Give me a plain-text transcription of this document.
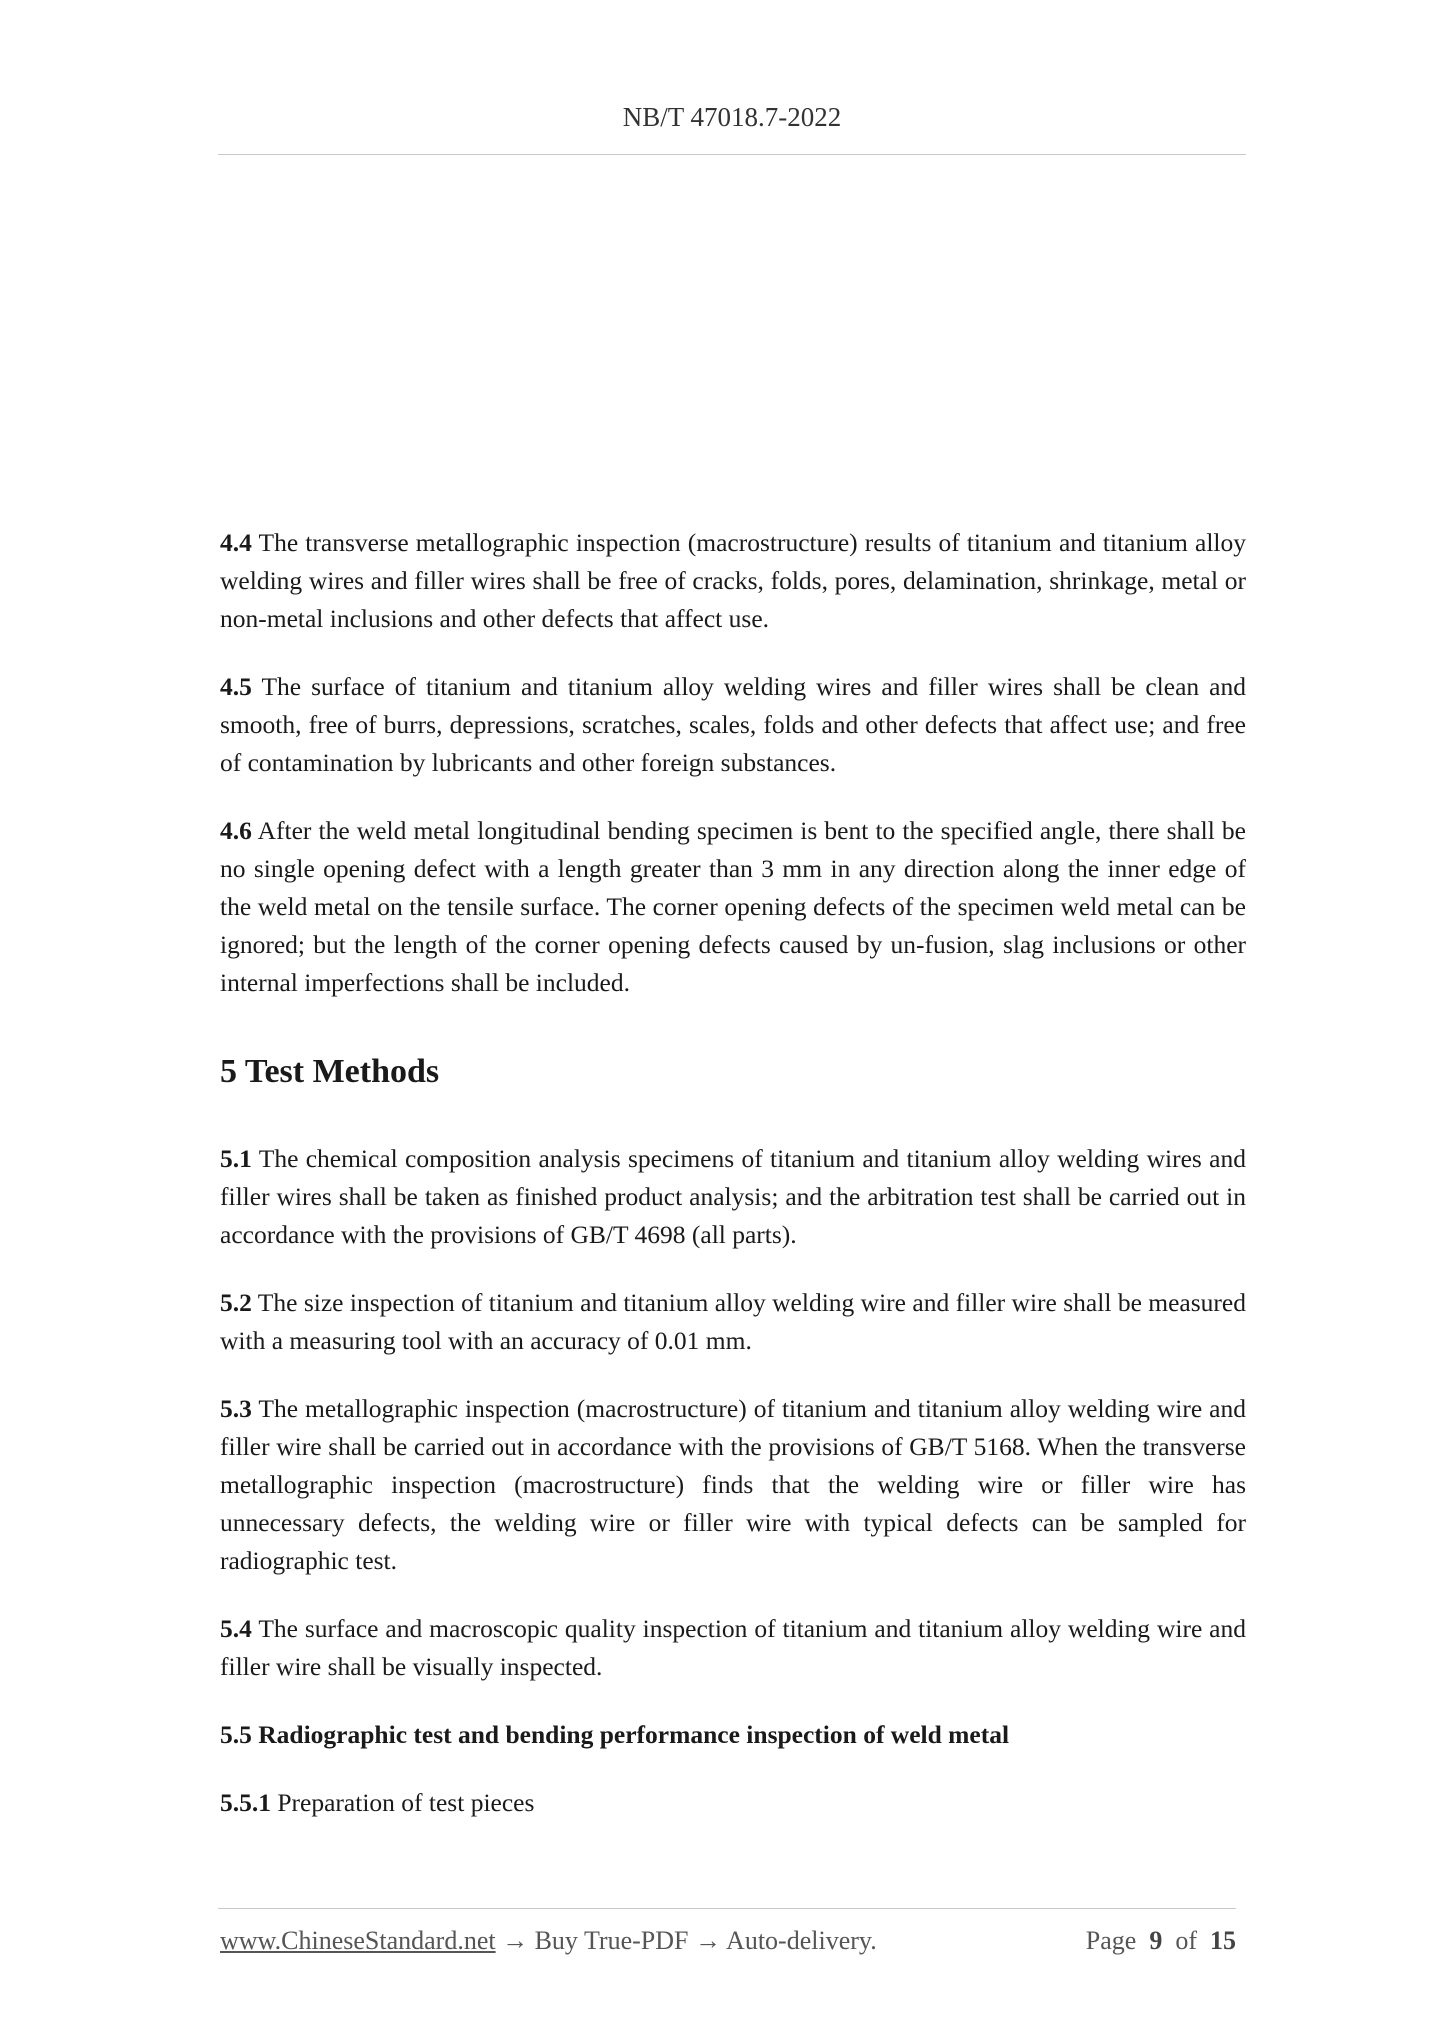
NB/T 47018.7-2022

4.4 The transverse metallographic inspection (macrostructure) results of titanium and titanium alloy welding wires and filler wires shall be free of cracks, folds, pores, delamination, shrinkage, metal or non-metal inclusions and other defects that affect use.

4.5 The surface of titanium and titanium alloy welding wires and filler wires shall be clean and smooth, free of burrs, depressions, scratches, scales, folds and other defects that affect use; and free of contamination by lubricants and other foreign substances.

4.6 After the weld metal longitudinal bending specimen is bent to the specified angle, there shall be no single opening defect with a length greater than 3 mm in any direction along the inner edge of the weld metal on the tensile surface. The corner opening defects of the specimen weld metal can be ignored; but the length of the corner opening defects caused by un-fusion, slag inclusions or other internal imperfections shall be included.

5 Test Methods

5.1 The chemical composition analysis specimens of titanium and titanium alloy welding wires and filler wires shall be taken as finished product analysis; and the arbitration test shall be carried out in accordance with the provisions of GB/T 4698 (all parts).

5.2 The size inspection of titanium and titanium alloy welding wire and filler wire shall be measured with a measuring tool with an accuracy of 0.01 mm.

5.3 The metallographic inspection (macrostructure) of titanium and titanium alloy welding wire and filler wire shall be carried out in accordance with the provisions of GB/T 5168. When the transverse metallographic inspection (macrostructure) finds that the welding wire or filler wire has unnecessary defects, the welding wire or filler wire with typical defects can be sampled for radiographic test.

5.4 The surface and macroscopic quality inspection of titanium and titanium alloy welding wire and filler wire shall be visually inspected.

5.5 Radiographic test and bending performance inspection of weld metal

5.5.1 Preparation of test pieces

www.ChineseStandard.net → Buy True-PDF → Auto-delivery.	Page 9 of 15
